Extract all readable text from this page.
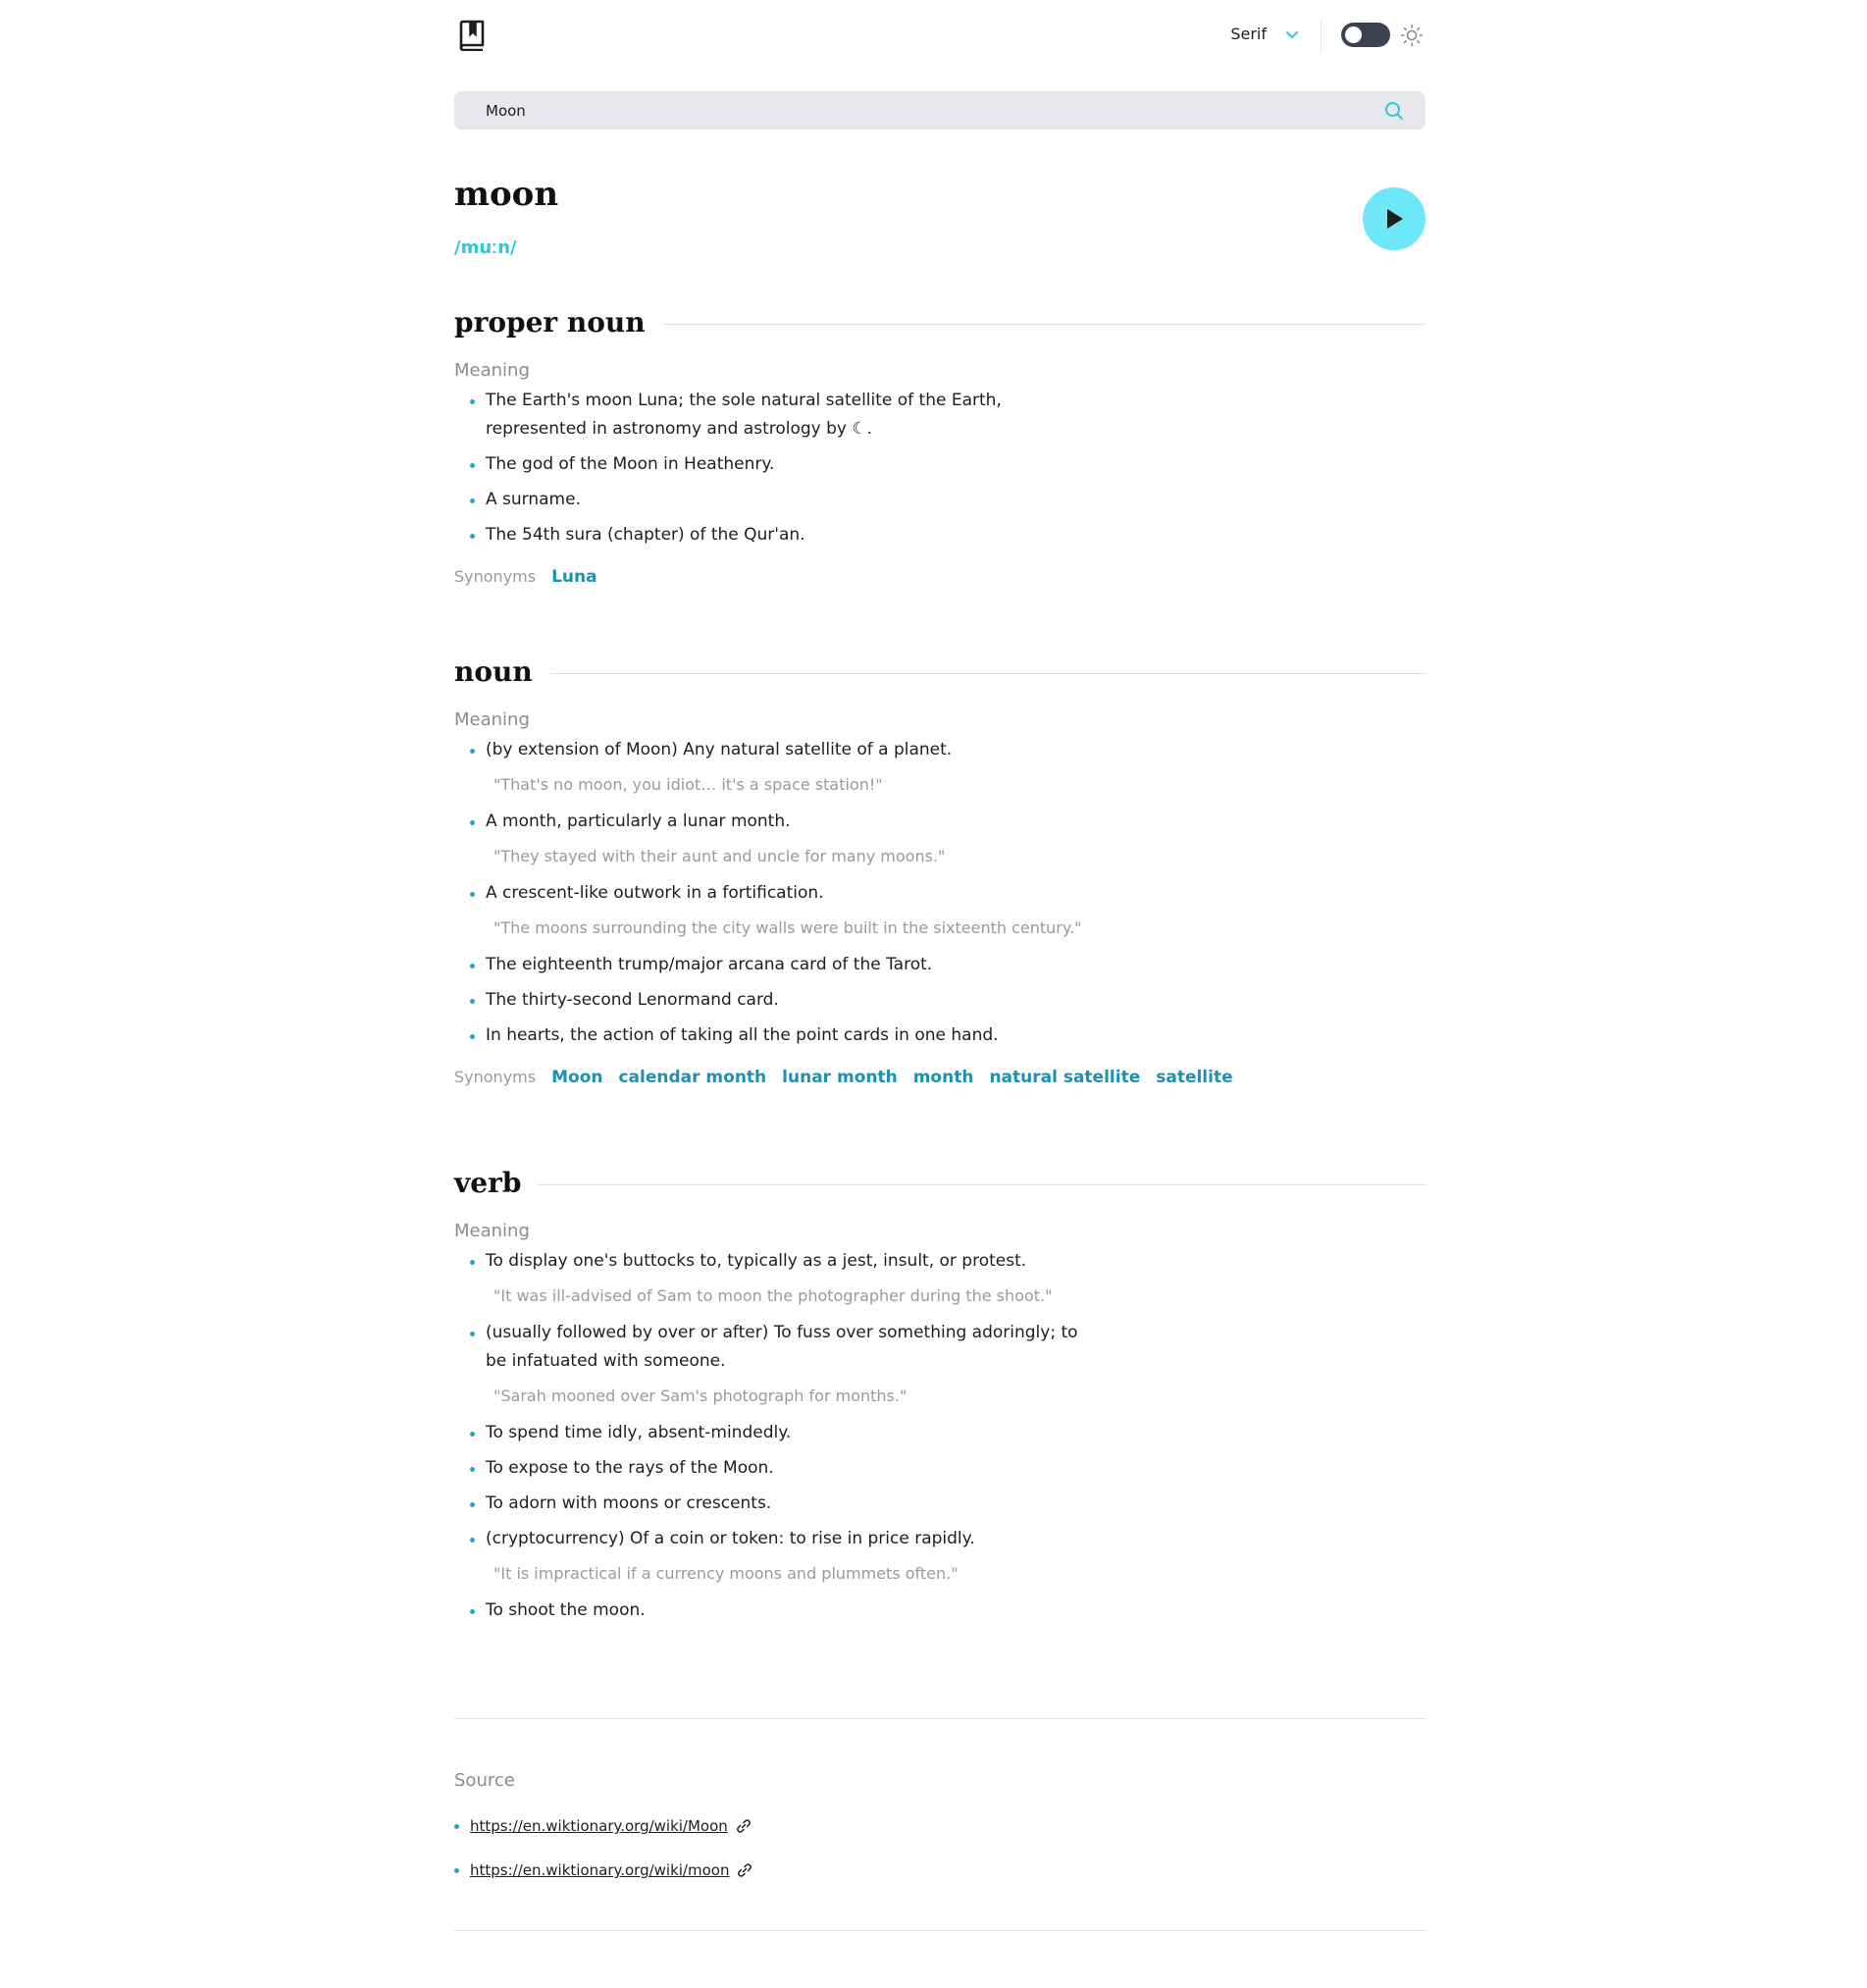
Serif
Moon
moon
/muːn/
proper noun
Meaning
The Earth's moon Luna; the sole natural satellite of the Earth, represented in astronomy and astrology by ☾.
The god of the Moon in Heathenry.
A surname.
The 54th sura (chapter) of the Qur'an.
Synonyms Luna
noun
Meaning
(by extension of Moon) Any natural satellite of a planet.
"That's no moon, you idiot… it's a space station!"
A month, particularly a lunar month.
"They stayed with their aunt and uncle for many moons."
A crescent-like outwork in a fortification.
"The moons surrounding the city walls were built in the sixteenth century."
The eighteenth trump/major arcana card of the Tarot.
The thirty-second Lenormand card.
In hearts, the action of taking all the point cards in one hand.
Synonyms Moon calendar month lunar month month natural satellite satellite
verb
Meaning
To display one's buttocks to, typically as a jest, insult, or protest.
"It was ill-advised of Sam to moon the photographer during the shoot."
(usually followed by over or after) To fuss over something adoringly; to be infatuated with someone.
"Sarah mooned over Sam's photograph for months."
To spend time idly, absent-mindedly.
To expose to the rays of the Moon.
To adorn with moons or crescents.
(cryptocurrency) Of a coin or token: to rise in price rapidly.
"It is impractical if a currency moons and plummets often."
To shoot the moon.
Source
https://en.wiktionary.org/wiki/Moon
https://en.wiktionary.org/wiki/moon
